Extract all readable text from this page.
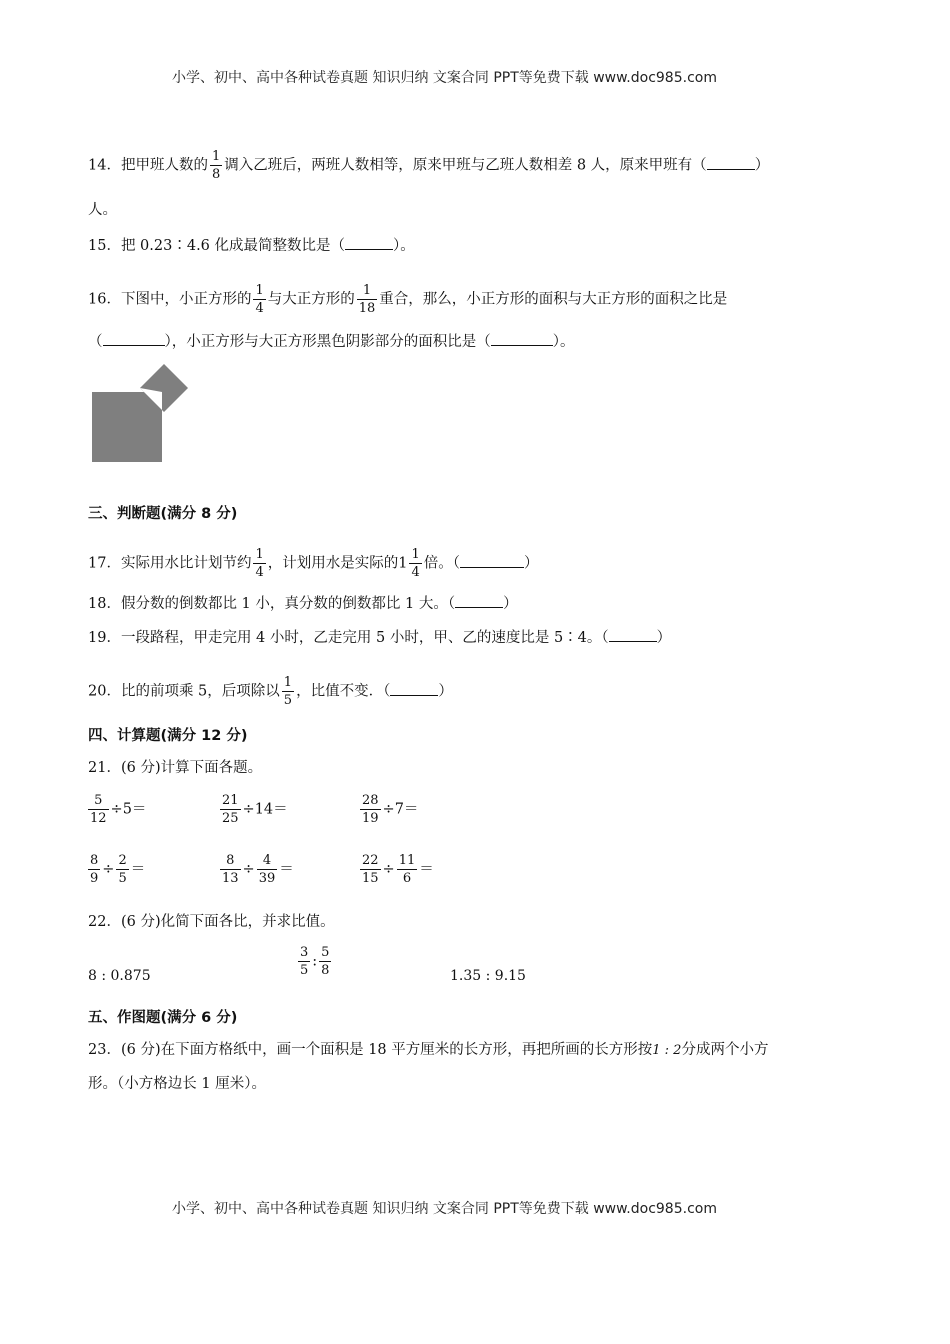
小学、初中、高中各种试卷真题 知识归纳 文案合同 PPT等免费下载 www.doc985.com
14．把甲班人数的 $\frac{1}{8}$ 调入乙班后，两班人数相等，原来甲班与乙班人数相差 8 人，原来甲班有（	）
人。
15．把 0.23∶4.6 化成最简整数比是（	）。
16．下图中，小正方形的 $\frac{1}{4}$ 与大正方形的 $\frac{1}{18}$ 重合，那么，小正方形的面积与大正方形的面积之比是
（	），小正方形与大正方形黑色阴影部分的面积比是（	）。
三、判断题(满分 8 分)
17．实际用水比计划节约 $\frac{1}{4}$ ，计划用水是实际的$1 \frac{1}{4}$ 倍。（	）
18．假分数的倒数都比 1 小，真分数的倒数都比 1 大。（	）
19．一段路程，甲走完用 4 小时，乙走完用 5 小时，甲、乙的速度比是 5∶4。（	）
20．比的前项乘 5，后项除以 $\frac{1}{5}$ ，比值不变．（	）
四、计算题(满分 12 分)
21．(6 分)计算下面各题。
$\frac{5}{12} \div 5=$	$\frac{21}{25} \div 14=$	$\frac{28}{19} \div 7=$
$\frac{8}{9} \div \frac{2}{5}$ ＝	$\frac{8}{13} \div \frac{4}{39}$ ＝	$\frac{22}{15} \div \frac{11}{6}$ ＝
22．(6 分)化简下面各比，并求比值。
8 : 0.875	$\frac{3}{5}$ : $\frac{5}{8}$	1.35 : 9.15
五、作图题(满分 6 分)
23．(6 分)在下面方格纸中，画一个面积是 18 平方厘米的长方形，再把所画的长方形按1 : 2分成两个小方
形。（小方格边长 1 厘米）。
小学、初中、高中各种试卷真题 知识归纳 文案合同 PPT等免费下载 www.doc985.com
